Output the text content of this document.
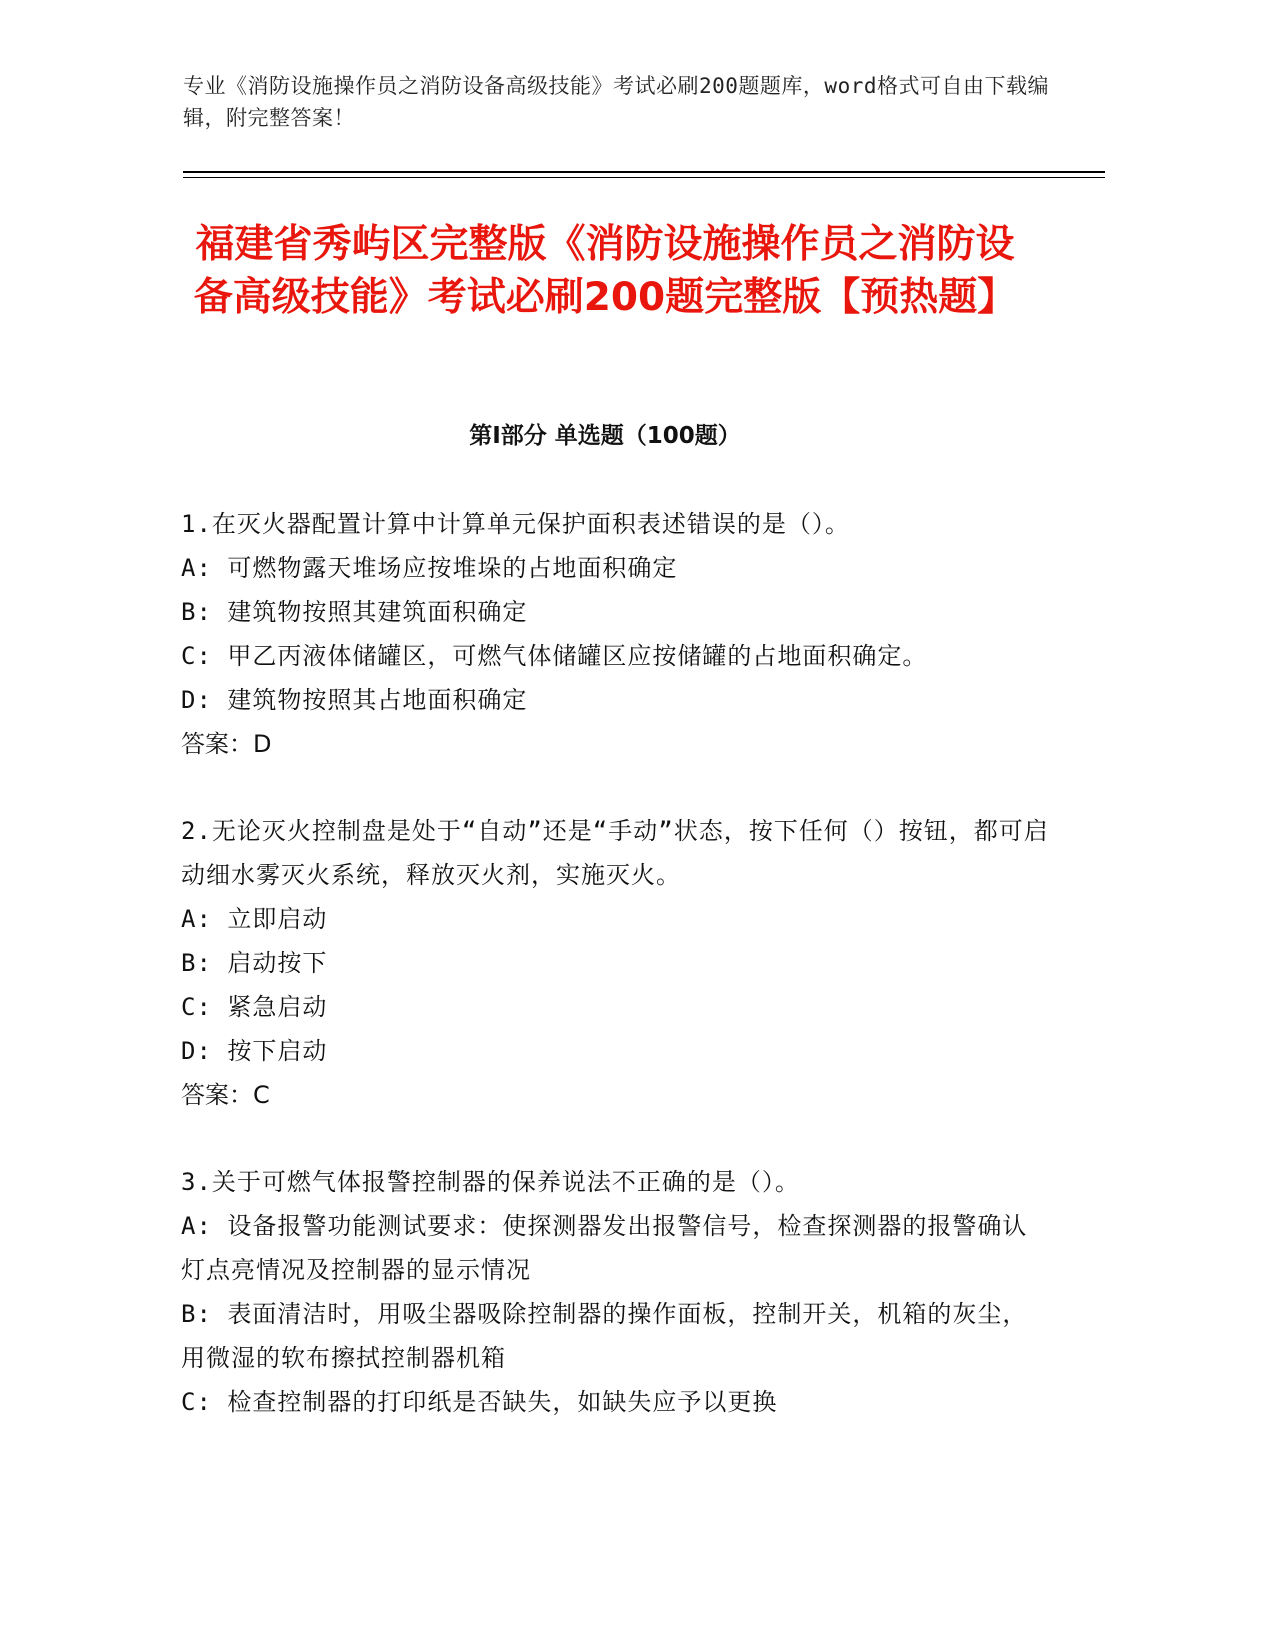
专业《消防设施操作员之消防设备高级技能》考试必刷200题题库，word格式可自由下载编辑，附完整答案！
福建省秀屿区完整版《消防设施操作员之消防设备高级技能》考试必刷200题完整版【预热题】
第I部分 单选题（100题）

1.在灭火器配置计算中计算单元保护面积表述错误的是（）。

A: 可燃物露天堆场应按堆垛的占地面积确定

B: 建筑物按照其建筑面积确定

C: 甲乙丙液体储罐区，可燃气体储罐区应按储罐的占地面积确定。

D: 建筑物按照其占地面积确定

答案：D

2.无论灭火控制盘是处于“自动”还是“手动”状态，按下任何（）按钮，都可启动细水雾灭火系统，释放灭火剂，实施灭火。

A: 立即启动

B: 启动按下

C: 紧急启动

D: 按下启动

答案：C

3.关于可燃气体报警控制器的保养说法不正确的是（）。

A: 设备报警功能测试要求：使探测器发出报警信号，检查探测器的报警确认灯点亮情况及控制器的显示情况

B: 表面清洁时，用吸尘器吸除控制器的操作面板，控制开关，机箱的灰尘，用微湿的软布擦拭控制器机箱

C: 检查控制器的打印纸是否缺失，如缺失应予以更换
